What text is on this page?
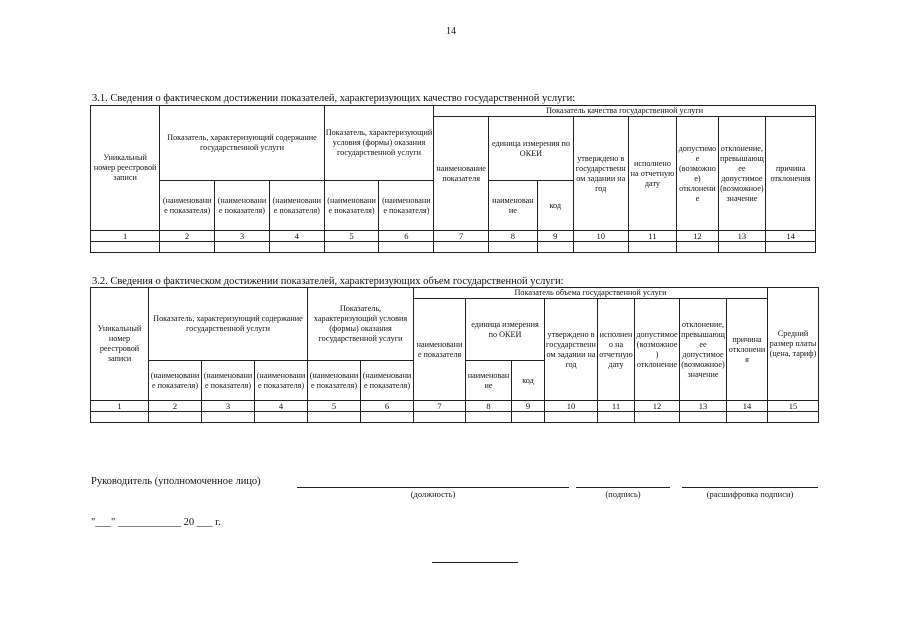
14
3.1. Сведения о фактическом достижении показателей, характеризующих качество государственной услуги:
Уникальный номер реестровой записи	Показатель, характеризующий содержание государственной услуги			Показатель, характеризующий условия (формы) оказания государственной услуги		Показатель качества государственной услуги							
						наименование показателя	единица измерения по ОКЕИ		утверждено в государственном задании на год	исполнено на отчетную дату	допустимое (возможное) отклонение	отклонение, превышающее допустимое (возможное) значение	причина отклонения
	(наименование показателя)	(наименование показателя)	(наименование показателя)	(наименование показателя)	(наименование показателя)		наименование	код					
1	2	3	4	5	6	7	8	9	10	11	12	13	14

3.2. Сведения о фактическом достижении показателей, характеризующих объем государственной услуги:
Уникальный номер реестровой записи	Показатель, характеризующий содержание государственной услуги			Показатель, характеризующий условия (формы) оказания государственной услуги		Показатель объема государственной услуги								Средний размер платы (цена, тариф)
						наименование показателя	единица измерения по ОКЕИ		утверждено в государственном задании на год	исполнено на отчетную дату	допустимое (возможное) отклонение	отклонение, превышающее допустимое (возможное) значение	причина отклонения	
	(наименование показателя)	(наименование показателя)	(наименование показателя)	(наименование показателя)	(наименование показателя)		наименование	код						
1	2	3	4	5	6	7	8	9	10	11	12	13	14	15

Руководитель (уполномоченное лицо)
(должность)	(подпись)	(расшифровка подписи)
"___" ____________ 20 ___ г.
